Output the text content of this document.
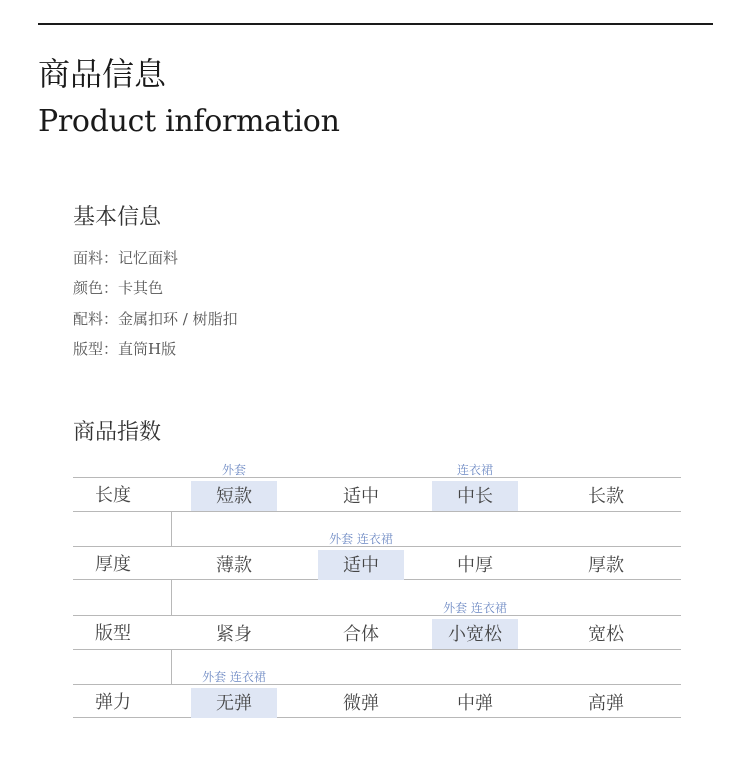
商品信息
Product information
基本信息
面料：记忆面料
颜色：卡其色
配料：金属扣环 / 树脂扣
版型：直筒H版
商品指数
长度	短款	适中	中长	长款
外套	连衣裙
厚度	薄款	适中	中厚	厚款
外套 连衣裙
版型	紧身	合体	小宽松	宽松
外套 连衣裙
弹力	无弹	微弹	中弹	高弹
外套 连衣裙
